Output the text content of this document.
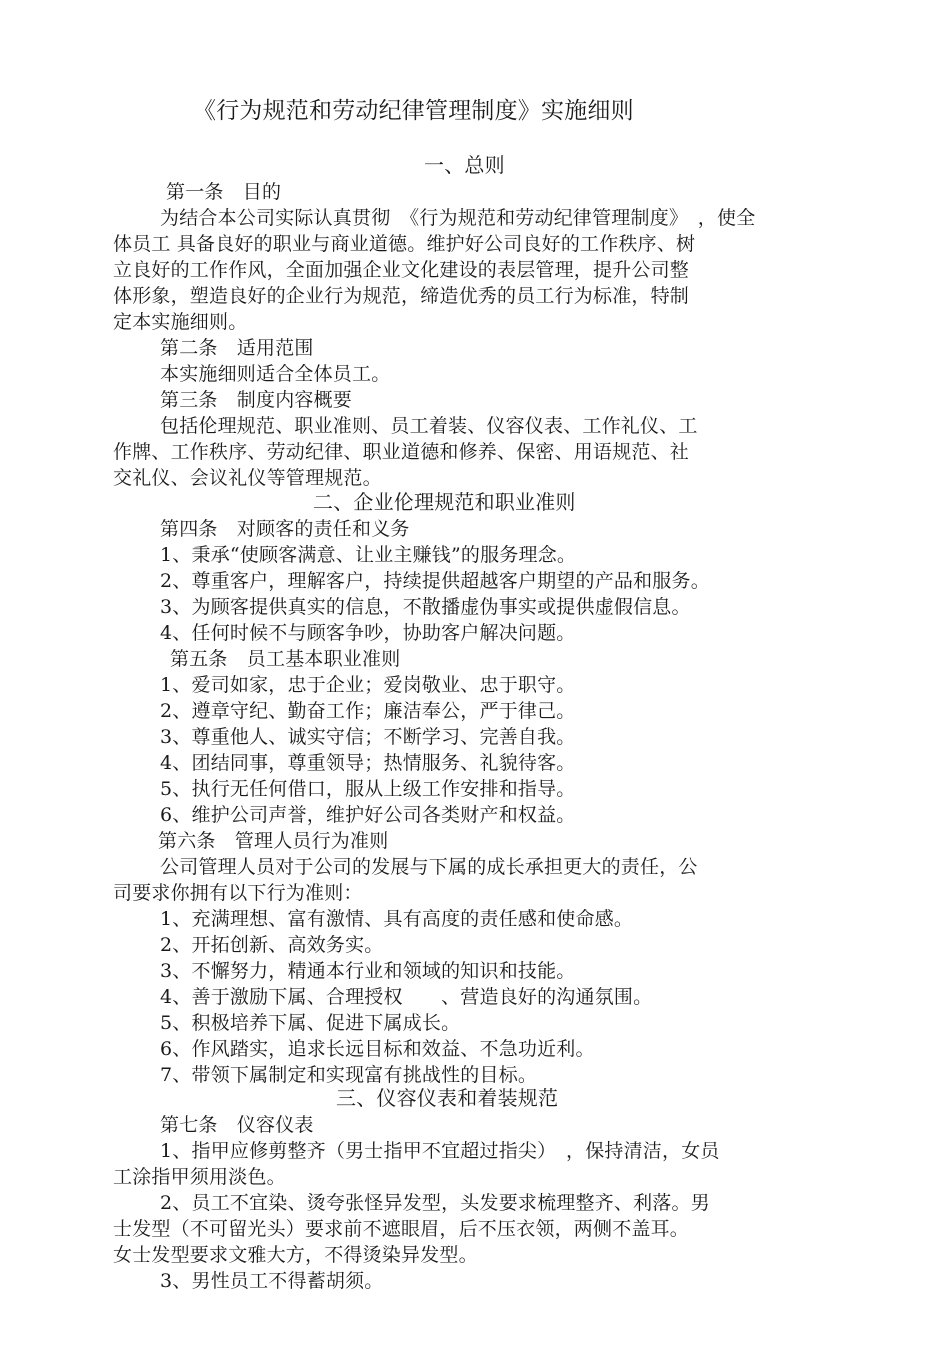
《行为规范和劳动纪律管理制度》实施细则
一、总则
第一条　目的
为结合本公司实际认真贯彻　《行为规范和劳动纪律管理制度》　，使全
体员工 具备良好的职业与商业道德。维护好公司良好的工作秩序、树
立良好的工作作风，全面加强企业文化建设的表层管理，提升公司整
体形象，塑造良好的企业行为规范，缔造优秀的员工行为标准，特制
定本实施细则。
第二条　适用范围
本实施细则适合全体员工。
第三条　制度内容概要
包括伦理规范、职业准则、员工着装、仪容仪表、工作礼仪、工
作牌、工作秩序、劳动纪律、职业道德和修养、保密、用语规范、社
交礼仪、会议礼仪等管理规范。
二、企业伦理规范和职业准则
第四条　对顾客的责任和义务
1、秉承“使顾客满意、让业主赚钱”的服务理念。
2、尊重客户，理解客户，持续提供超越客户期望的产品和服务。
3、为顾客提供真实的信息，不散播虚伪事实或提供虚假信息。
4、任何时候不与顾客争吵，协助客户解决问题。
第五条　员工基本职业准则
1、爱司如家，忠于企业；爱岗敬业、忠于职守。
2、遵章守纪、勤奋工作；廉洁奉公，严于律己。
3、尊重他人、诚实守信；不断学习、完善自我。
4、团结同事，尊重领导；热情服务、礼貌待客。
5、执行无任何借口，服从上级工作安排和指导。
6、维护公司声誉，维护好公司各类财产和权益。
第六条　管理人员行为准则
公司管理人员对于公司的发展与下属的成长承担更大的责任，公
司要求你拥有以下行为准则：
1、充满理想、富有激情、具有高度的责任感和使命感。
2、开拓创新、高效务实。
3、不懈努力，精通本行业和领域的知识和技能。
4、善于激励下属、合理授权　　、营造良好的沟通氛围。
5、积极培养下属、促进下属成长。
6、作风踏实，追求长远目标和效益、不急功近利。
7、带领下属制定和实现富有挑战性的目标。
三、仪容仪表和着装规范
第七条　仪容仪表
1、指甲应修剪整齐（男士指甲不宜超过指尖）　，保持清洁，女员
工涂指甲须用淡色。
2、员工不宜染、烫夸张怪异发型，头发要求梳理整齐、利落。男
士发型（不可留光头）要求前不遮眼眉，后不压衣领，两侧不盖耳。
女士发型要求文雅大方，不得烫染异发型。
3、男性员工不得蓄胡须。
